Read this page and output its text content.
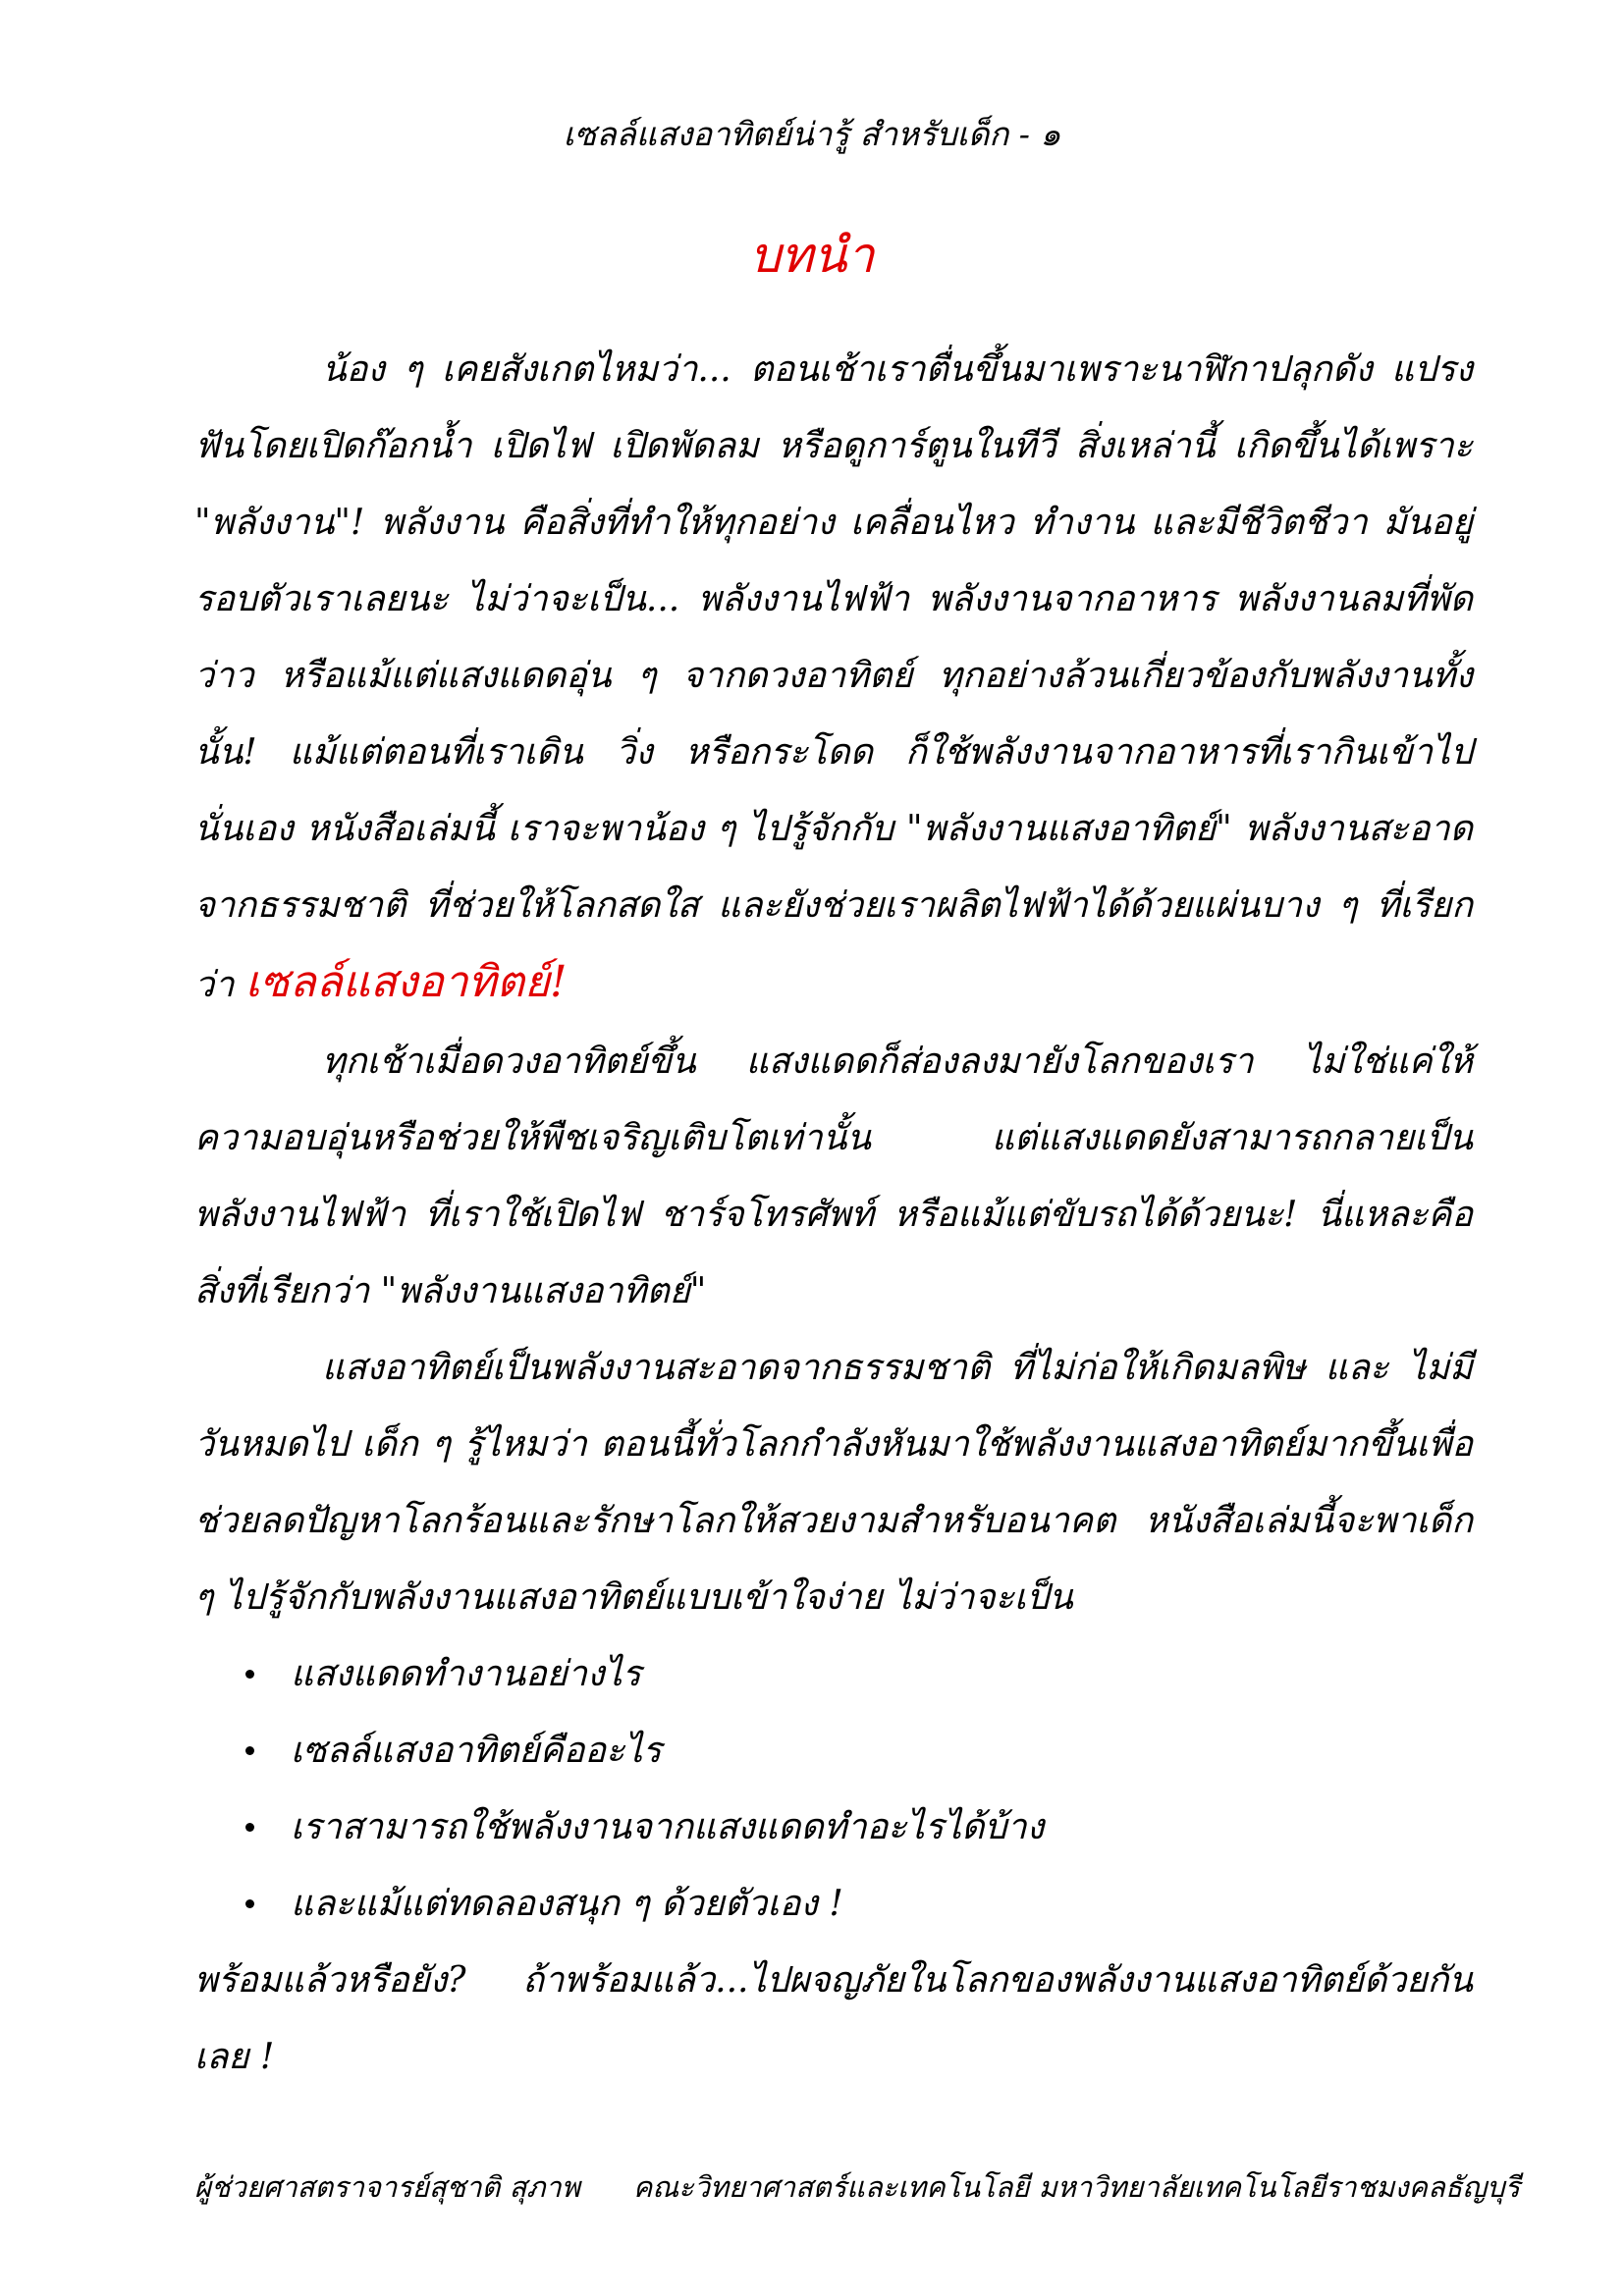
เซลล์แสงอาทิตย์น่ารู้ สำหรับเด็ก - ๑
บทนำ

น้อง ๆ เคยสังเกตไหมว่า... ตอนเช้าเราตื่นขึ้นมาเพราะนาฬิกาปลุกดัง แปรงฟันโดยเปิดก๊อกน้ำ เปิดไฟ เปิดพัดลม หรือดูการ์ตูนในทีวี สิ่งเหล่านี้ เกิดขึ้นได้เพราะ "พลังงาน"! พลังงาน คือสิ่งที่ทำให้ทุกอย่าง เคลื่อนไหว ทำงาน และมีชีวิตชีวา มันอยู่รอบตัวเราเลยนะ ไม่ว่าจะเป็น... พลังงานไฟฟ้า พลังงานจากอาหาร พลังงานลมที่พัดว่าว หรือแม้แต่แสงแดดอุ่น ๆ จากดวงอาทิตย์ ทุกอย่างล้วนเกี่ยวข้องกับพลังงานทั้งนั้น! แม้แต่ตอนที่เราเดิน วิ่ง หรือกระโดด ก็ใช้พลังงานจากอาหารที่เรากินเข้าไปนั่นเอง หนังสือเล่มนี้ เราจะพาน้อง ๆ ไปรู้จักกับ "พลังงานแสงอาทิตย์" พลังงานสะอาดจากธรรมชาติ ที่ช่วยให้โลกสดใส และยังช่วยเราผลิตไฟฟ้าได้ด้วยแผ่นบาง ๆ ที่เรียกว่า เซลล์แสงอาทิตย์!

ทุกเช้าเมื่อดวงอาทิตย์ขึ้น แสงแดดก็ส่องลงมายังโลกของเรา ไม่ใช่แค่ให้ความอบอุ่นหรือช่วยให้พืชเจริญเติบโตเท่านั้น แต่แสงแดดยังสามารถกลายเป็น พลังงานไฟฟ้า ที่เราใช้เปิดไฟ ชาร์จโทรศัพท์ หรือแม้แต่ขับรถได้ด้วยนะ! นี่แหละคือสิ่งที่เรียกว่า "พลังงานแสงอาทิตย์"

แสงอาทิตย์เป็นพลังงานสะอาดจากธรรมชาติ ที่ไม่ก่อให้เกิดมลพิษ และ ไม่มีวันหมดไป เด็ก ๆ รู้ไหมว่า ตอนนี้ทั่วโลกกำลังหันมาใช้พลังงานแสงอาทิตย์มากขึ้นเพื่อช่วยลดปัญหาโลกร้อนและรักษาโลกให้สวยงามสำหรับอนาคต หนังสือเล่มนี้จะพาเด็ก ๆ ไปรู้จักกับพลังงานแสงอาทิตย์แบบเข้าใจง่าย ไม่ว่าจะเป็น

แสงแดดทำงานอย่างไร
เซลล์แสงอาทิตย์คืออะไร
เราสามารถใช้พลังงานจากแสงแดดทำอะไรได้บ้าง
และแม้แต่ทดลองสนุก ๆ ด้วยตัวเอง !

พร้อมแล้วหรือยัง? ถ้าพร้อมแล้ว...ไปผจญภัยในโลกของพลังงานแสงอาทิตย์ด้วยกันเลย !

ผู้ช่วยศาสตราจารย์สุชาติ สุภาพ คณะวิทยาศาสตร์และเทคโนโลยี มหาวิทยาลัยเทคโนโลยีราชมงคลธัญบุรี
